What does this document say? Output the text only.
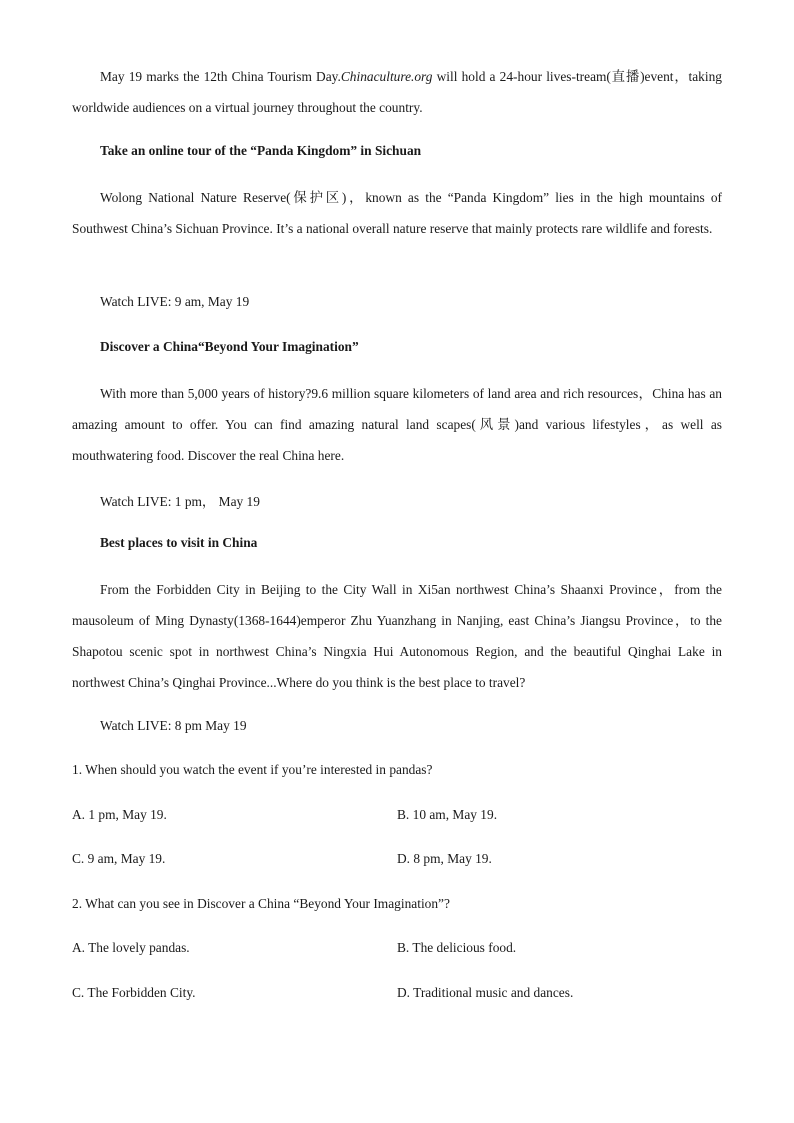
May 19 marks the 12th China Tourism Day.Chinaculture.org will hold a 24-hour lives-tream(直播)event，taking worldwide audiences on a virtual journey throughout the country.

Take an online tour of the “Panda Kingdom” in Sichuan

Wolong National Nature Reserve(保护区)，known as the “Panda Kingdom” lies in the high mountains of Southwest China’s Sichuan Province. It’s a national overall nature reserve that mainly protects rare wildlife and forests.

Watch LIVE: 9 am, May 19

Discover a China“Beyond Your Imagination”

With more than 5,000 years of history?9.6 million square kilometers of land area and rich resources，China has an amazing amount to offer. You can find amazing natural land scapes(风景)and various lifestyles，as well as mouthwatering food. Discover the real China here.

Watch LIVE: 1 pm， May 19

Best places to visit in China

From the Forbidden City in Beijing to the City Wall in Xi5an northwest China’s Shaanxi Province，from the mausoleum of Ming Dynasty(1368-1644)emperor Zhu Yuanzhang in Nanjing, east China’s Jiangsu Province，to the Shapotou scenic spot in northwest China’s Ningxia Hui Autonomous Region, and the beautiful Qinghai Lake in northwest China’s Qinghai Province...Where do you think is the best place to travel?

Watch LIVE: 8 pm May 19

1. When should you watch the event if you’re interested in pandas?

A. 1 pm, May 19.	B. 10 am, May 19.

C. 9 am, May 19.	D. 8 pm, May 19.

2. What can you see in Discover a China “Beyond Your Imagination”?

A. The lovely pandas.	B. The delicious food.

C. The Forbidden City.	D. Traditional music and dances.
